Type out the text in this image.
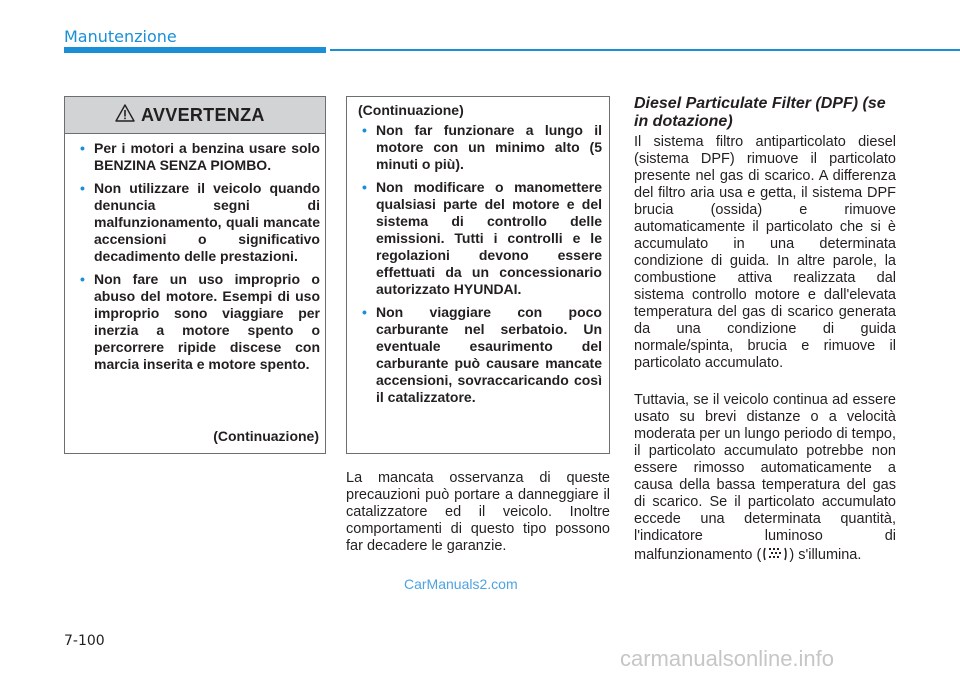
Manutenzione
AVVERTENZA
• Per i motori a benzina usare solo BENZINA SENZA PIOMBO.
• Non utilizzare il veicolo quando denuncia segni di malfunzionamento, quali mancate accensioni o significativo decadimento delle prestazioni.
• Non fare un uso improprio o abuso del motore. Esempi di uso improprio sono viaggiare per inerzia a motore spento o percorrere ripide discese con marcia inserita e motore spento.
(Continuazione)
(Continuazione)
• Non far funzionare a lungo il motore con un minimo alto (5 minuti o più).
• Non modificare o manomettere qualsiasi parte del motore e del sistema di controllo delle emissioni. Tutti i controlli e le regolazioni devono essere effettuati da un concessionario autorizzato HYUNDAI.
• Non viaggiare con poco carburante nel serbatoio. Un eventuale esaurimento del carburante può causare mancate accensioni, sovraccaricando così il catalizzatore.
La mancata osservanza di queste precauzioni può portare a danneggiare il catalizzatore ed il veicolo. Inoltre comportamenti di questo tipo possono far decadere le garanzie.
Diesel Particulate Filter (DPF) (se in dotazione)
Il sistema filtro antiparticolato diesel (sistema DPF) rimuove il particolato presente nel gas di scarico. A differenza del filtro aria usa e getta, il sistema DPF brucia (ossida) e rimuove automaticamente il particolato che si è accumulato in una determinata condizione di guida. In altre parole, la combustione attiva realizzata dal sistema controllo motore e dall'elevata temperatura del gas di scarico generata da una condizione di guida normale/spinta, brucia e rimuove il particolato accumulato.
Tuttavia, se il veicolo continua ad essere usato su brevi distanze o a velocità moderata per un lungo periodo di tempo, il particolato accumulato potrebbe non essere rimosso automaticamente a causa della bassa temperatura del gas di scarico. Se il particolato accumulato eccede una determinata quantità, l'indicatore luminoso di malfunzionamento ( ) s'illumina.
CarManuals2.com
7-100
carmanualsonline.info
